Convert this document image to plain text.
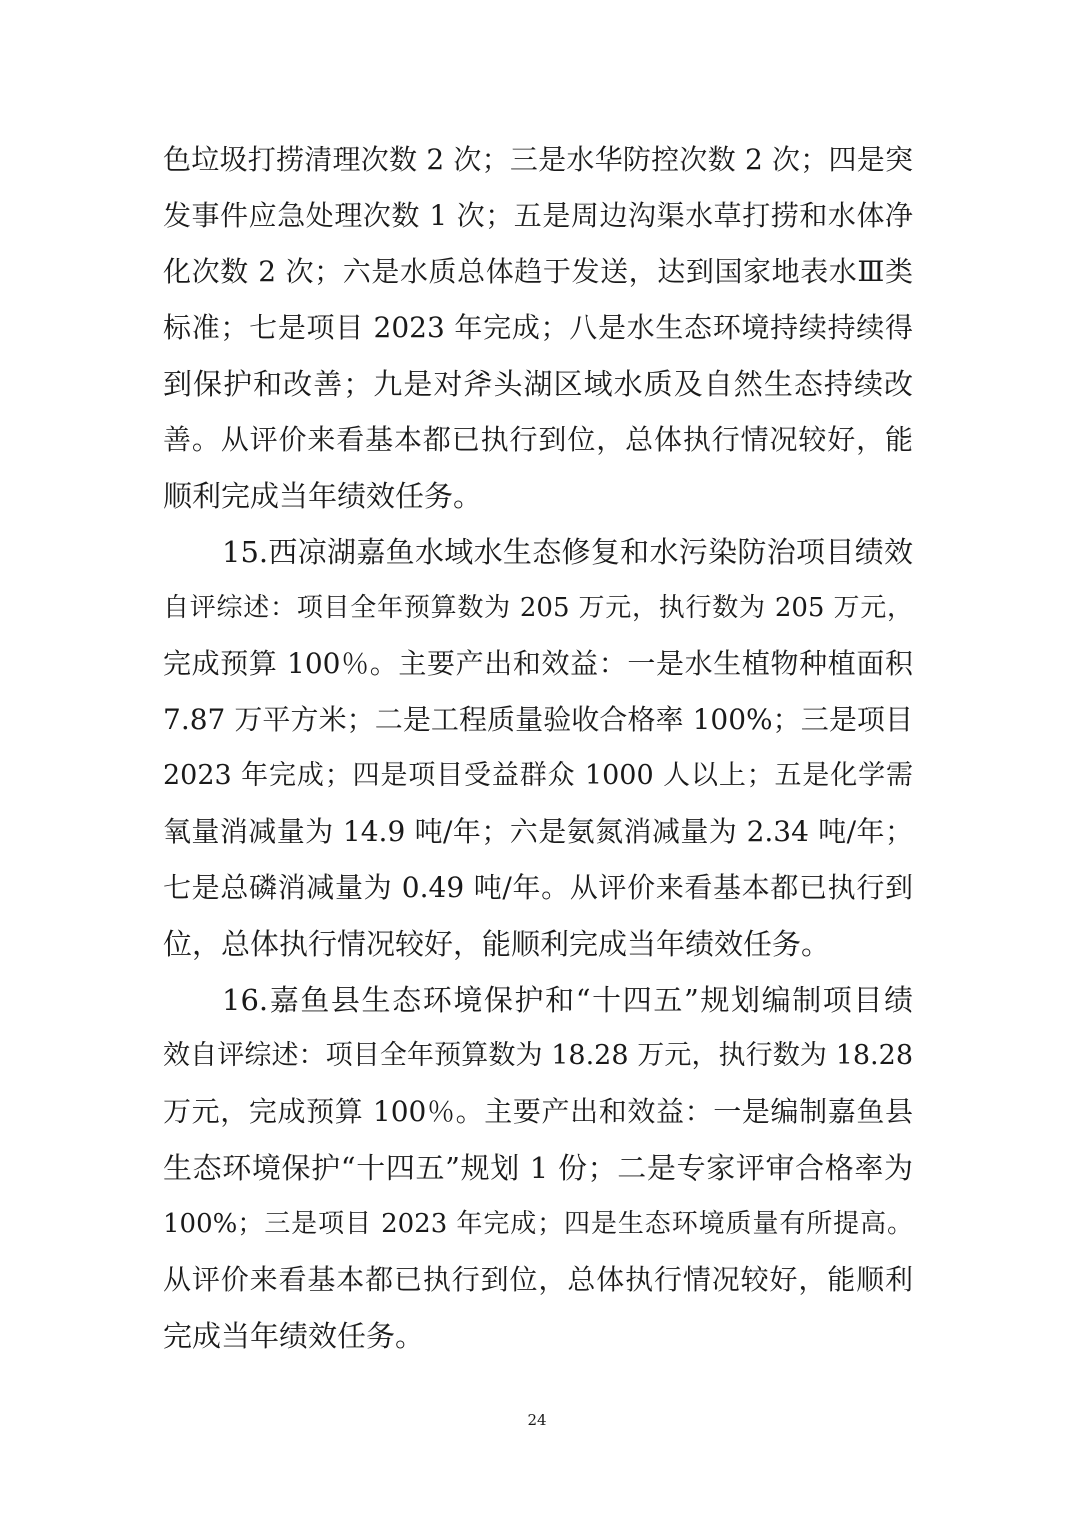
色垃圾打捞清理次数 2 次；三是水华防控次数 2 次；四是突
发事件应急处理次数 1 次；五是周边沟渠水草打捞和水体净
化次数 2 次；六是水质总体趋于发送，达到国家地表水Ⅲ类
标准；七是项目 2023 年完成；八是水生态环境持续持续得
到保护和改善；九是对斧头湖区域水质及自然生态持续改
善。从评价来看基本都已执行到位，总体执行情况较好，能
顺利完成当年绩效任务。
15.西凉湖嘉鱼水域水生态修复和水污染防治项目绩效
自评综述：项目全年预算数为 205 万元，执行数为 205 万元，
完成预算 100％。主要产出和效益：一是水生植物种植面积
7.87 万平方米；二是工程质量验收合格率 100%；三是项目
2023 年完成；四是项目受益群众 1000 人以上；五是化学需
氧量消减量为 14.9 吨/年；六是氨氮消减量为 2.34 吨/年；
七是总磷消减量为 0.49 吨/年。从评价来看基本都已执行到
位，总体执行情况较好，能顺利完成当年绩效任务。
16.嘉鱼县生态环境保护和“十四五”规划编制项目绩
效自评综述：项目全年预算数为 18.28 万元，执行数为 18.28
万元，完成预算 100％。主要产出和效益：一是编制嘉鱼县
生态环境保护“十四五”规划 1 份；二是专家评审合格率为
100%；三是项目 2023 年完成；四是生态环境质量有所提高。
从评价来看基本都已执行到位，总体执行情况较好，能顺利
完成当年绩效任务。
24
